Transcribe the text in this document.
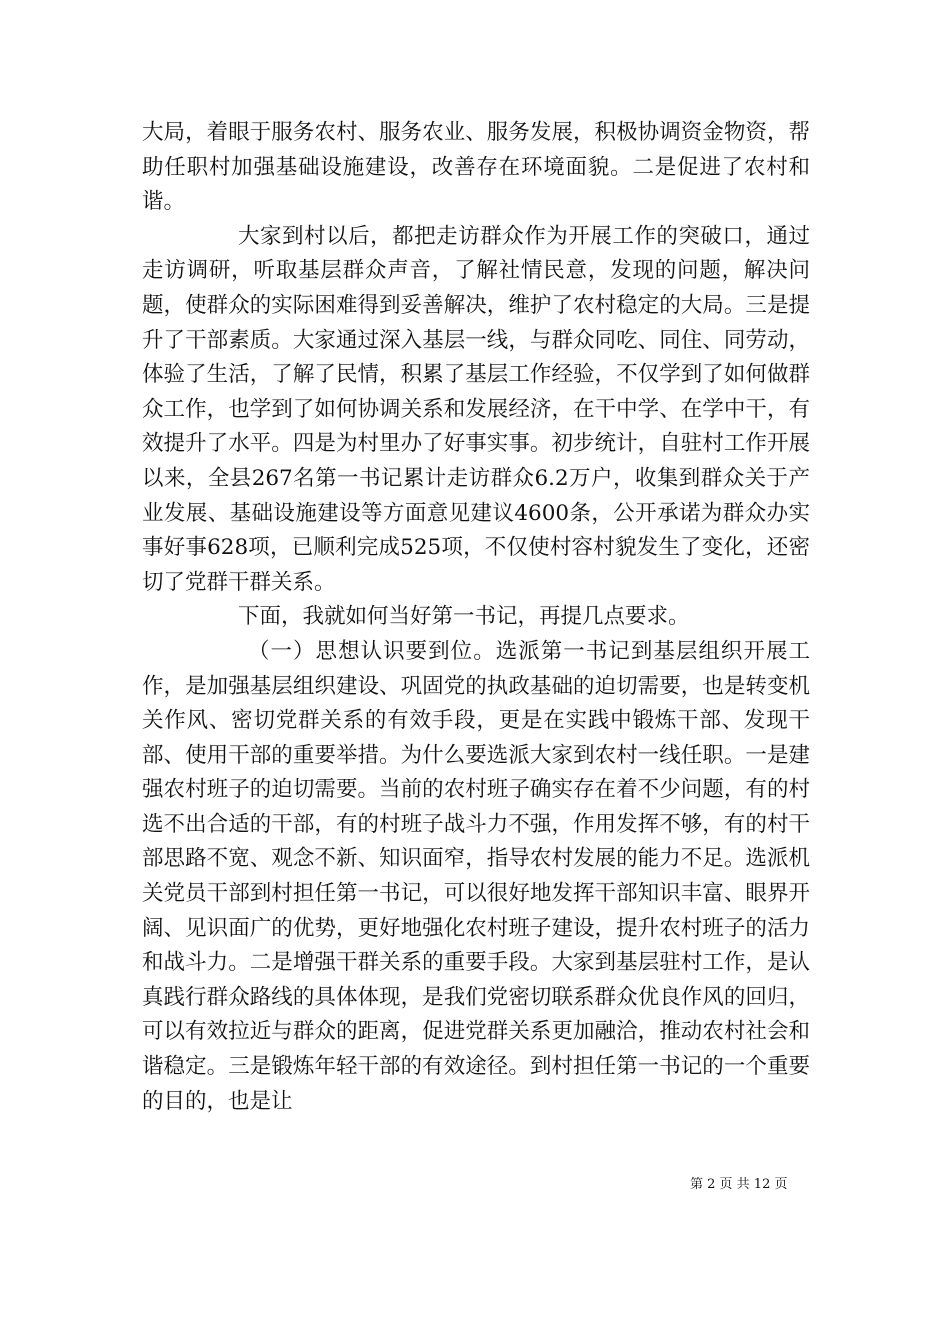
大局，着眼于服务农村、服务农业、服务发展，积极协调资金物资，帮助任职村加强基础设施建设，改善存在环境面貌。二是促进了农村和谐。

大家到村以后，都把走访群众作为开展工作的突破口，通过走访调研，听取基层群众声音，了解社情民意，发现的问题，解决问题，使群众的实际困难得到妥善解决，维护了农村稳定的大局。三是提升了干部素质。大家通过深入基层一线，与群众同吃、同住、同劳动，体验了生活，了解了民情，积累了基层工作经验，不仅学到了如何做群众工作，也学到了如何协调关系和发展经济，在干中学、在学中干，有效提升了水平。四是为村里办了好事实事。初步统计，自驻村工作开展以来，全县267名第一书记累计走访群众6.2万户，收集到群众关于产业发展、基础设施建设等方面意见建议4600条，公开承诺为群众办实事好事628项，已顺利完成525项，不仅使村容村貌发生了变化，还密切了党群干群关系。

下面，我就如何当好第一书记，再提几点要求。

（一）思想认识要到位。选派第一书记到基层组织开展工作，是加强基层组织建设、巩固党的执政基础的迫切需要，也是转变机关作风、密切党群关系的有效手段，更是在实践中锻炼干部、发现干部、使用干部的重要举措。为什么要选派大家到农村一线任职。一是建强农村班子的迫切需要。当前的农村班子确实存在着不少问题，有的村选不出合适的干部，有的村班子战斗力不强，作用发挥不够，有的村干部思路不宽、观念不新、知识面窄，指导农村发展的能力不足。选派机关党员干部到村担任第一书记，可以很好地发挥干部知识丰富、眼界开阔、见识面广的优势，更好地强化农村班子建设，提升农村班子的活力和战斗力。二是增强干群关系的重要手段。大家到基层驻村工作，是认真践行群众路线的具体体现，是我们党密切联系群众优良作风的回归，可以有效拉近与群众的距离，促进党群关系更加融洽，推动农村社会和谐稳定。三是锻炼年轻干部的有效途径。到村担任第一书记的一个重要的目的，也是让

第 2 页 共 12 页
